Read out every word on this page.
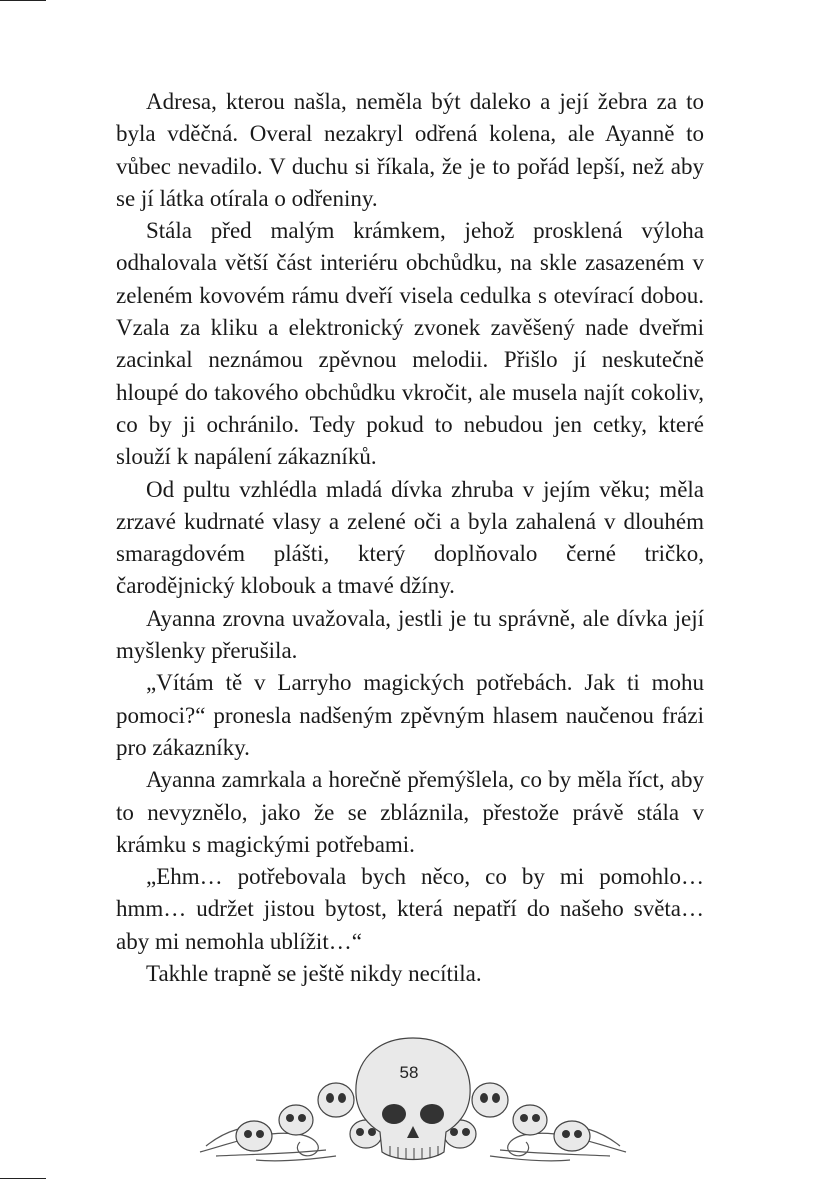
Adresa, kterou našla, neměla být daleko a její žebra za to byla vděčná. Overal nezakryl odřená kolena, ale Ayanně to vůbec nevadilo. V duchu si říkala, že je to pořád lepší, než aby se jí látka otírala o odřeniny.

Stála před malým krámkem, jehož prosklená výloha odhalovala větší část interiéru obchůdku, na skle zasazeném v zeleném kovovém rámu dveří visela cedulka s otevírací dobou. Vzala za kliku a elektronický zvonek zavěšený nade dveřmi zacinkal neznámou zpěvnou melodii. Přišlo jí neskutečně hloupé do takového obchůdku vkročit, ale musela najít cokoliv, co by ji ochránilo. Tedy pokud to nebudou jen cetky, které slouží k napálení zákazníků.

Od pultu vzhlédla mladá dívka zhruba v jejím věku; měla zrzavé kudrnaté vlasy a zelené oči a byla zahalená v dlouhém smaragdovém plášti, který doplňovalo černé tričko, čarodějnický klobouk a tmavé džíny.

Ayanna zrovna uvažovala, jestli je tu správně, ale dívka její myšlenky přerušila.

„Vítám tě v Larryho magických potřebách. Jak ti mohu pomoci?“ pronesla nadšeným zpěvným hlasem naučenou frázi pro zákazníky.

Ayanna zamrkala a horečně přemýšlela, co by měla říct, aby to nevyznělo, jako že se zbláznila, přestože právě stála v krámku s magickými potřebami.

„Ehm… potřebovala bych něco, co by mi pomohlo… hmm… udržet jistou bytost, která nepatří do našeho světa… aby mi nemohla ublížit…“

Takhle trapně se ještě nikdy necítila.

58
